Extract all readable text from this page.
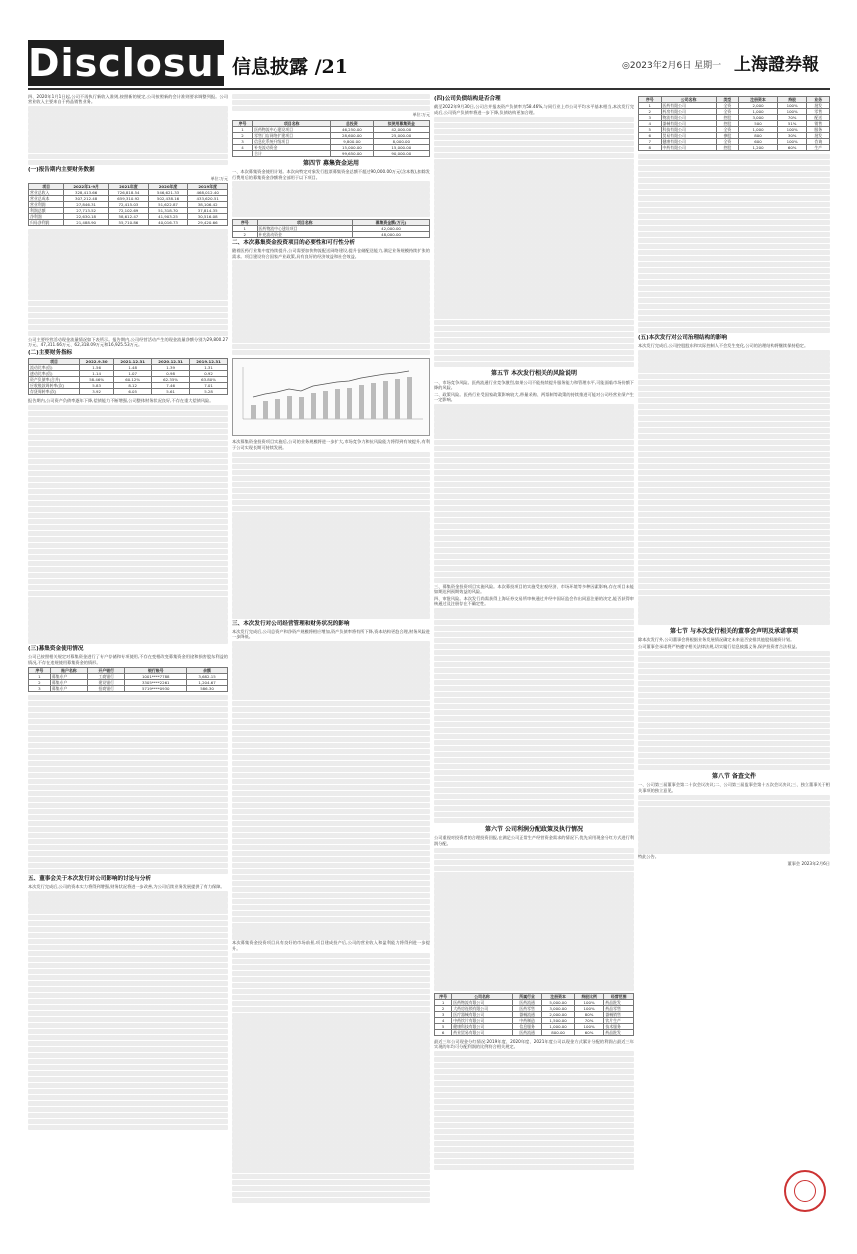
Disclosure
信息披露 /21	◎2023年2月6日 星期一 上海證券報

四、2020年1月1日起,公司不再执行新收入准则,按照新的规定,公司按照新的会计准则要求调整列报。公司营业收入主要来自于药品销售业务。

(一)报告期内主要财务数据
单位:万元
项目	2022年1-9月	2021年度	2020年度	2019年度
营业总收入	328,413.66	726,818.54	546,621.33	468,012.40
营业总成本	307,212.48	659,310.92	502,438.16	433,620.51
营业利润	27,846.31	72,415.03	51,622.87	38,106.42
利润总额	27,713.52	72,102.69	51,318.70	37,814.35
净利润	22,630.18	58,612.47	41,903.25	30,516.08
归母净利润	21,488.90	55,710.86	40,016.73	29,420.66

公司主要经营活动现金流量情况如下表所示。报告期内,公司经营活动产生的现金流量净额分别为29,800.27万元、47,311.66万元、62,318.09万元和16,925.53万元。

(二)主要财务指标
项目	2022.9.30	2021.12.31	2020.12.31	2019.12.31
流动比率(倍)	1.56	1.48	1.39	1.31
速动比率(倍)	1.14	1.07	0.98	0.92
资产负债率(合并)	58.46%	60.12%	62.35%	63.80%
应收账款周转率(次)	5.83	8.12	7.46	7.01
存货周转率(次)	3.92	6.05	5.61	5.28

报告期内,公司资产负债率逐年下降,偿债能力不断增强,公司整体财务状况良好,不存在重大偿债风险。

(三)募集资金使用情况

公司已按照相关规定对募集资金进行了专户存储和专项使用,不存在变相改变募集资金用途和损害股东利益的情况,不存在违规使用募集资金的情形。

序号	账户名称	开户银行	银行账号	余额
1	募集专户	工商银行	1001****7788	3,682.15
2	募集专户	建设银行	3305****2261	1,204.67
3	募集专户	招商银行	5719****0930	586.30
五、董事会关于本次发行对公司影响的讨论与分析

本次发行完成后,公司的资本实力将得到增强,财务状况将进一步改善,为公司后续业务发展提供了有力保障。

单位:万元
序号	项目名称	总投资	拟使用募集资金
1	医药物流中心建设项目	46,250.00	42,000.00
2	零售门店网络扩建项目	28,600.00	25,000.00
3	信息化系统升级项目	9,800.00	8,000.00
4	补充流动资金	15,000.00	15,000.00
	合计	99,650.00	90,000.00
第四节 募集资金运用

一、本次募集资金使用计划。本次向特定对象发行股票募集资金总额不超过90,000.00万元(含本数),扣除发行费用后的募集资金净额将全部用于以下项目。

序号	项目名称	募集资金额(万元)
1	医药物流中心建设项目	42,000.00
2	补充流动资金	48,000.00
二、本次募集资金投资项目的必要性和可行性分析

随着医药行业集中度持续提升,公司需要加快物流配送网络建设,提升仓储配送能力,满足业务规模持续扩张的需求。项目建设符合国家产业政策,具有良好的经济效益和社会效益。

本次募集资金投资项目实施后,公司的业务规模将进一步扩大,市场竞争力和抗风险能力将得到有效提升,有利于公司实现长期可持续发展。

三、本次发行对公司经营管理和财务状况的影响

本次发行完成后,公司总资产和净资产规模将相应增加,资产负债率将有所下降,资本结构更趋合理,财务风险进一步降低。

本次募集资金投资项目具有良好的市场前景,项目建成投产后,公司的营业收入和盈利能力将得到进一步提升。

(四)公司负债结构是否合理

截至2022年9月30日,公司合并报表资产负债率为58.46%,与同行业上市公司平均水平基本相当,本次发行完成后,公司资产负债率将进一步下降,负债结构更加合理。

第五节 本次发行相关的风险说明

一、市场竞争风险。医药流通行业竞争激烈,如果公司不能持续提升服务能力和管理水平,可能面临市场份额下降的风险。

二、政策风险。医药行业受国家政策影响较大,带量采购、两票制等政策的持续推进可能对公司经营业绩产生一定影响。

三、募集资金投资项目实施风险。本次募投项目的实施受宏观经济、市场环境等多种因素影响,存在项目未能如期达到预期效益的风险。

四、审批风险。本次发行尚需获得上海证券交易所审核通过并经中国证监会作出同意注册的决定,能否获得审核通过及注册存在不确定性。

第六节 公司利润分配政策及执行情况

公司重视对投资者的合理投资回报,在满足公司正常生产经营资金需求的情况下,优先采用现金分红方式进行利润分配。

序号	公司名称	所属行业	注册资本	持股比例	经营范围
1	医药物流有限公司	医药流通	5,000.00	100%	药品批发
2	大药房连锁有限公司	医药零售	3,000.00	100%	药品零售
3	医疗器械有限公司	器械流通	2,000.00	80%	器械销售
4	中药饮片有限公司	中药制造	1,500.00	70%	饮片生产
5	健康科技有限公司	信息服务	1,000.00	100%	技术服务
6	药业贸易有限公司	医药流通	800.00	60%	药品批发

最近三年公司现金分红情况:2019年度、2020年度、2021年度公司以现金方式累计分配的利润占最近三年实现的年均可分配利润的比例符合相关规定。

序号	公司名称	类型	注册资本	持股	业务
1	医药有限公司	全资	2,000	100%	批发
2	药房有限公司	全资	1,000	100%	零售
3	物流有限公司	控股	3,000	70%	配送
4	器械有限公司	控股	500	51%	销售
5	科技有限公司	全资	1,000	100%	服务
6	贸易有限公司	参股	800	30%	批发
7	健康有限公司	全资	600	100%	咨询
8	中药有限公司	控股	1,200	60%	生产
(五)本次发行对公司治理结构的影响

本次发行完成后,公司控股股东和实际控制人不会发生变化,公司的治理结构将继续保持稳定。

第七节 与本次发行相关的董事会声明及承诺事项

除本次发行外,公司董事会将根据业务发展情况确定未来是否安排其他股权融资计划。

公司董事会承诺将严格遵守相关法律法规,切实履行信息披露义务,保护投资者合法权益。

第八节 备查文件

一、公司第三届董事会第二十次会议决议;二、公司第三届监事会第十五次会议决议;三、独立董事关于相关事项的独立意见。

特此公告。

董事会 2023年2月6日
